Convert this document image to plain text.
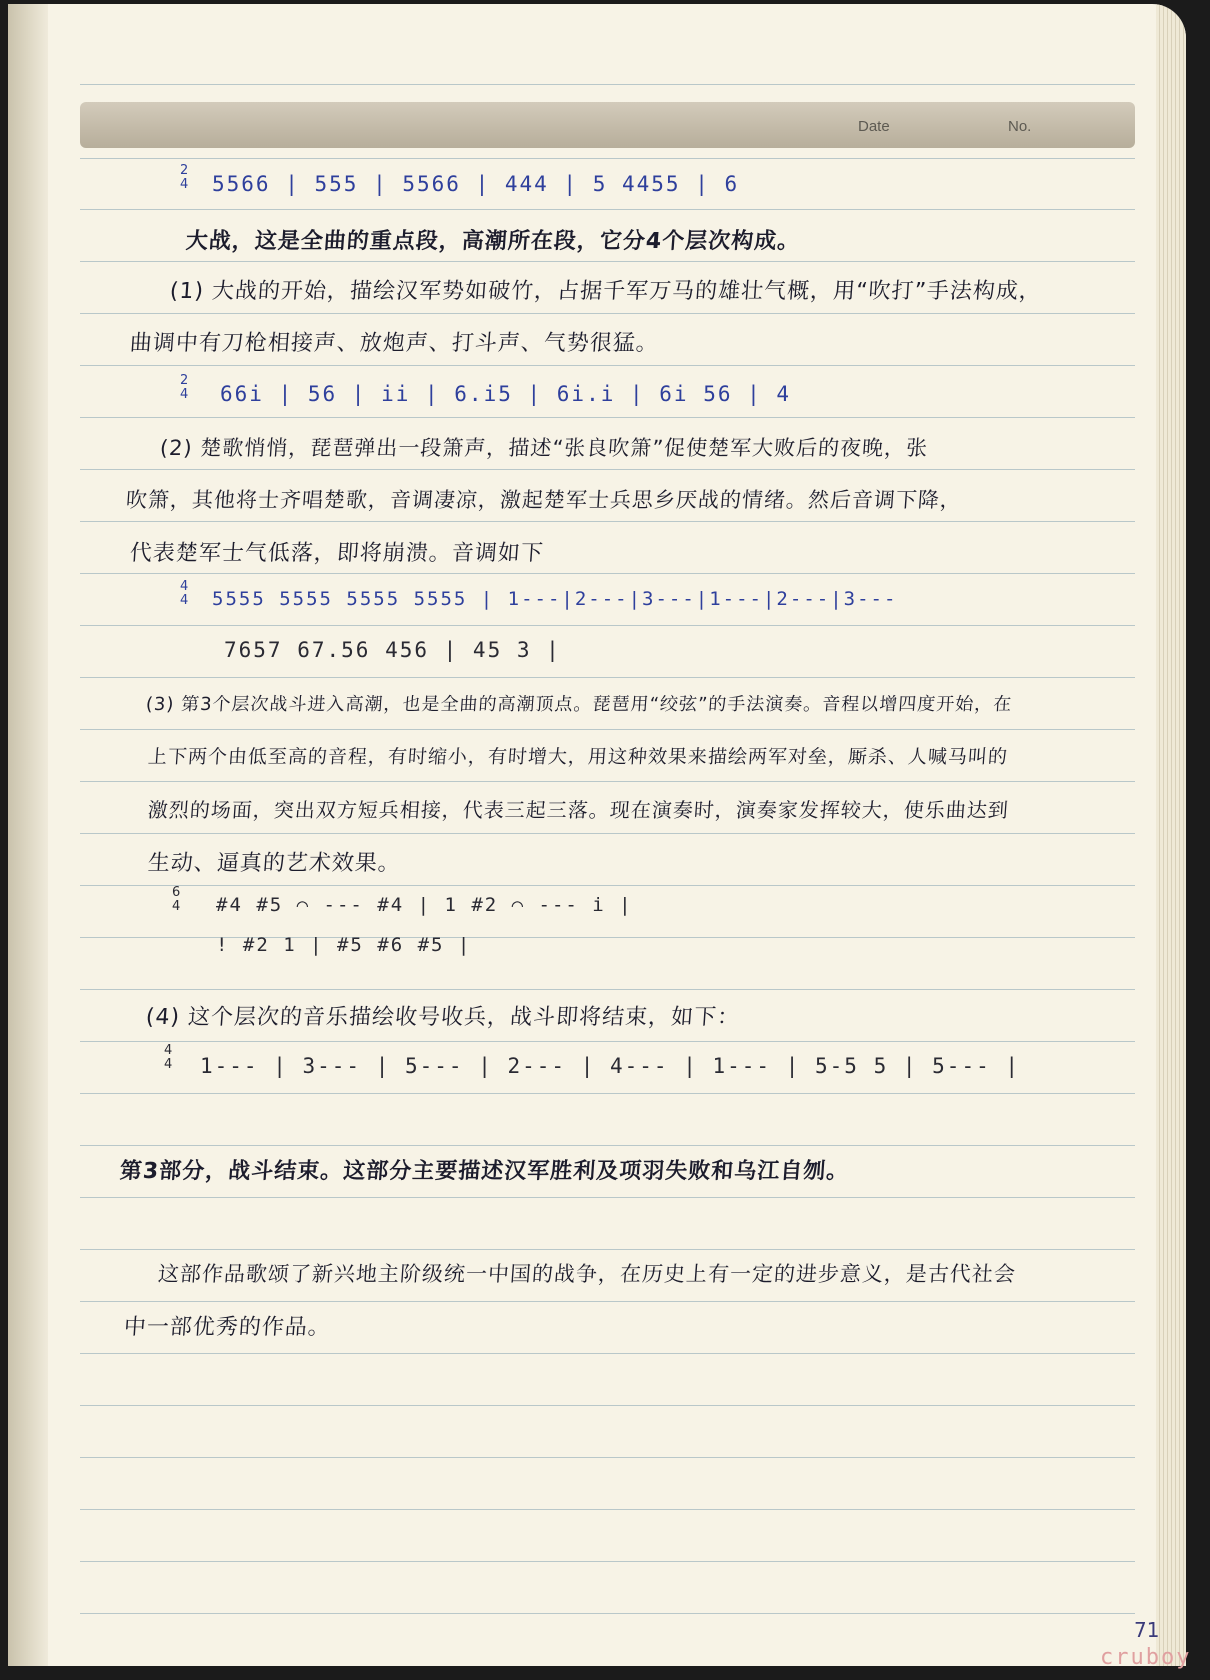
Date	No.
2
4 5566 | 555 | 5566 | 444 | 5 4455 | 6
大战，这是全曲的重点段，高潮所在段，它分4个层次构成。
(1) 大战的开始，描绘汉军势如破竹，占据千军万马的雄壮气概，用“吹打”手法构成，
曲调中有刀枪相接声、放炮声、打斗声、气势很猛。
2
4 66i | 56 | ii | 6.i5 | 6i.i | 6i 56 | 4
(2) 楚歌悄悄，琵琶弹出一段箫声，描述“张良吹箫”促使楚军大败后的夜晚，张
吹箫，其他将士齐唱楚歌，音调凄凉，激起楚军士兵思乡厌战的情绪。然后音调下降，
代表楚军士气低落，即将崩溃。音调如下
4
4 5555 5555 5555 5555 | 1---|2---|3---|1---|2---|3---
7657 67.56 456 | 45 3 |
(3) 第3个层次战斗进入高潮，也是全曲的高潮顶点。琵琶用“绞弦”的手法演奏。音程以增四度开始，在
上下两个由低至高的音程，有时缩小，有时增大，用这种效果来描绘两军对垒，厮杀、人喊马叫的
激烈的场面，突出双方短兵相接，代表三起三落。现在演奏时，演奏家发挥较大，使乐曲达到
生动、逼真的艺术效果。
6
4 #4 #5 ⌒ --- #4 | 1 #2 ⌒ --- i |
! #2 1 | #5 #6 #5 |
(4) 这个层次的音乐描绘收号收兵，战斗即将结束，如下：
4
4 1--- | 3--- | 5--- | 2--- | 4--- | 1--- | 5-5 5 | 5--- |
第3部分，战斗结束。这部分主要描述汉军胜利及项羽失败和乌江自刎。
这部作品歌颂了新兴地主阶级统一中国的战争，在历史上有一定的进步意义，是古代社会
中一部优秀的作品。
71
cruboy
